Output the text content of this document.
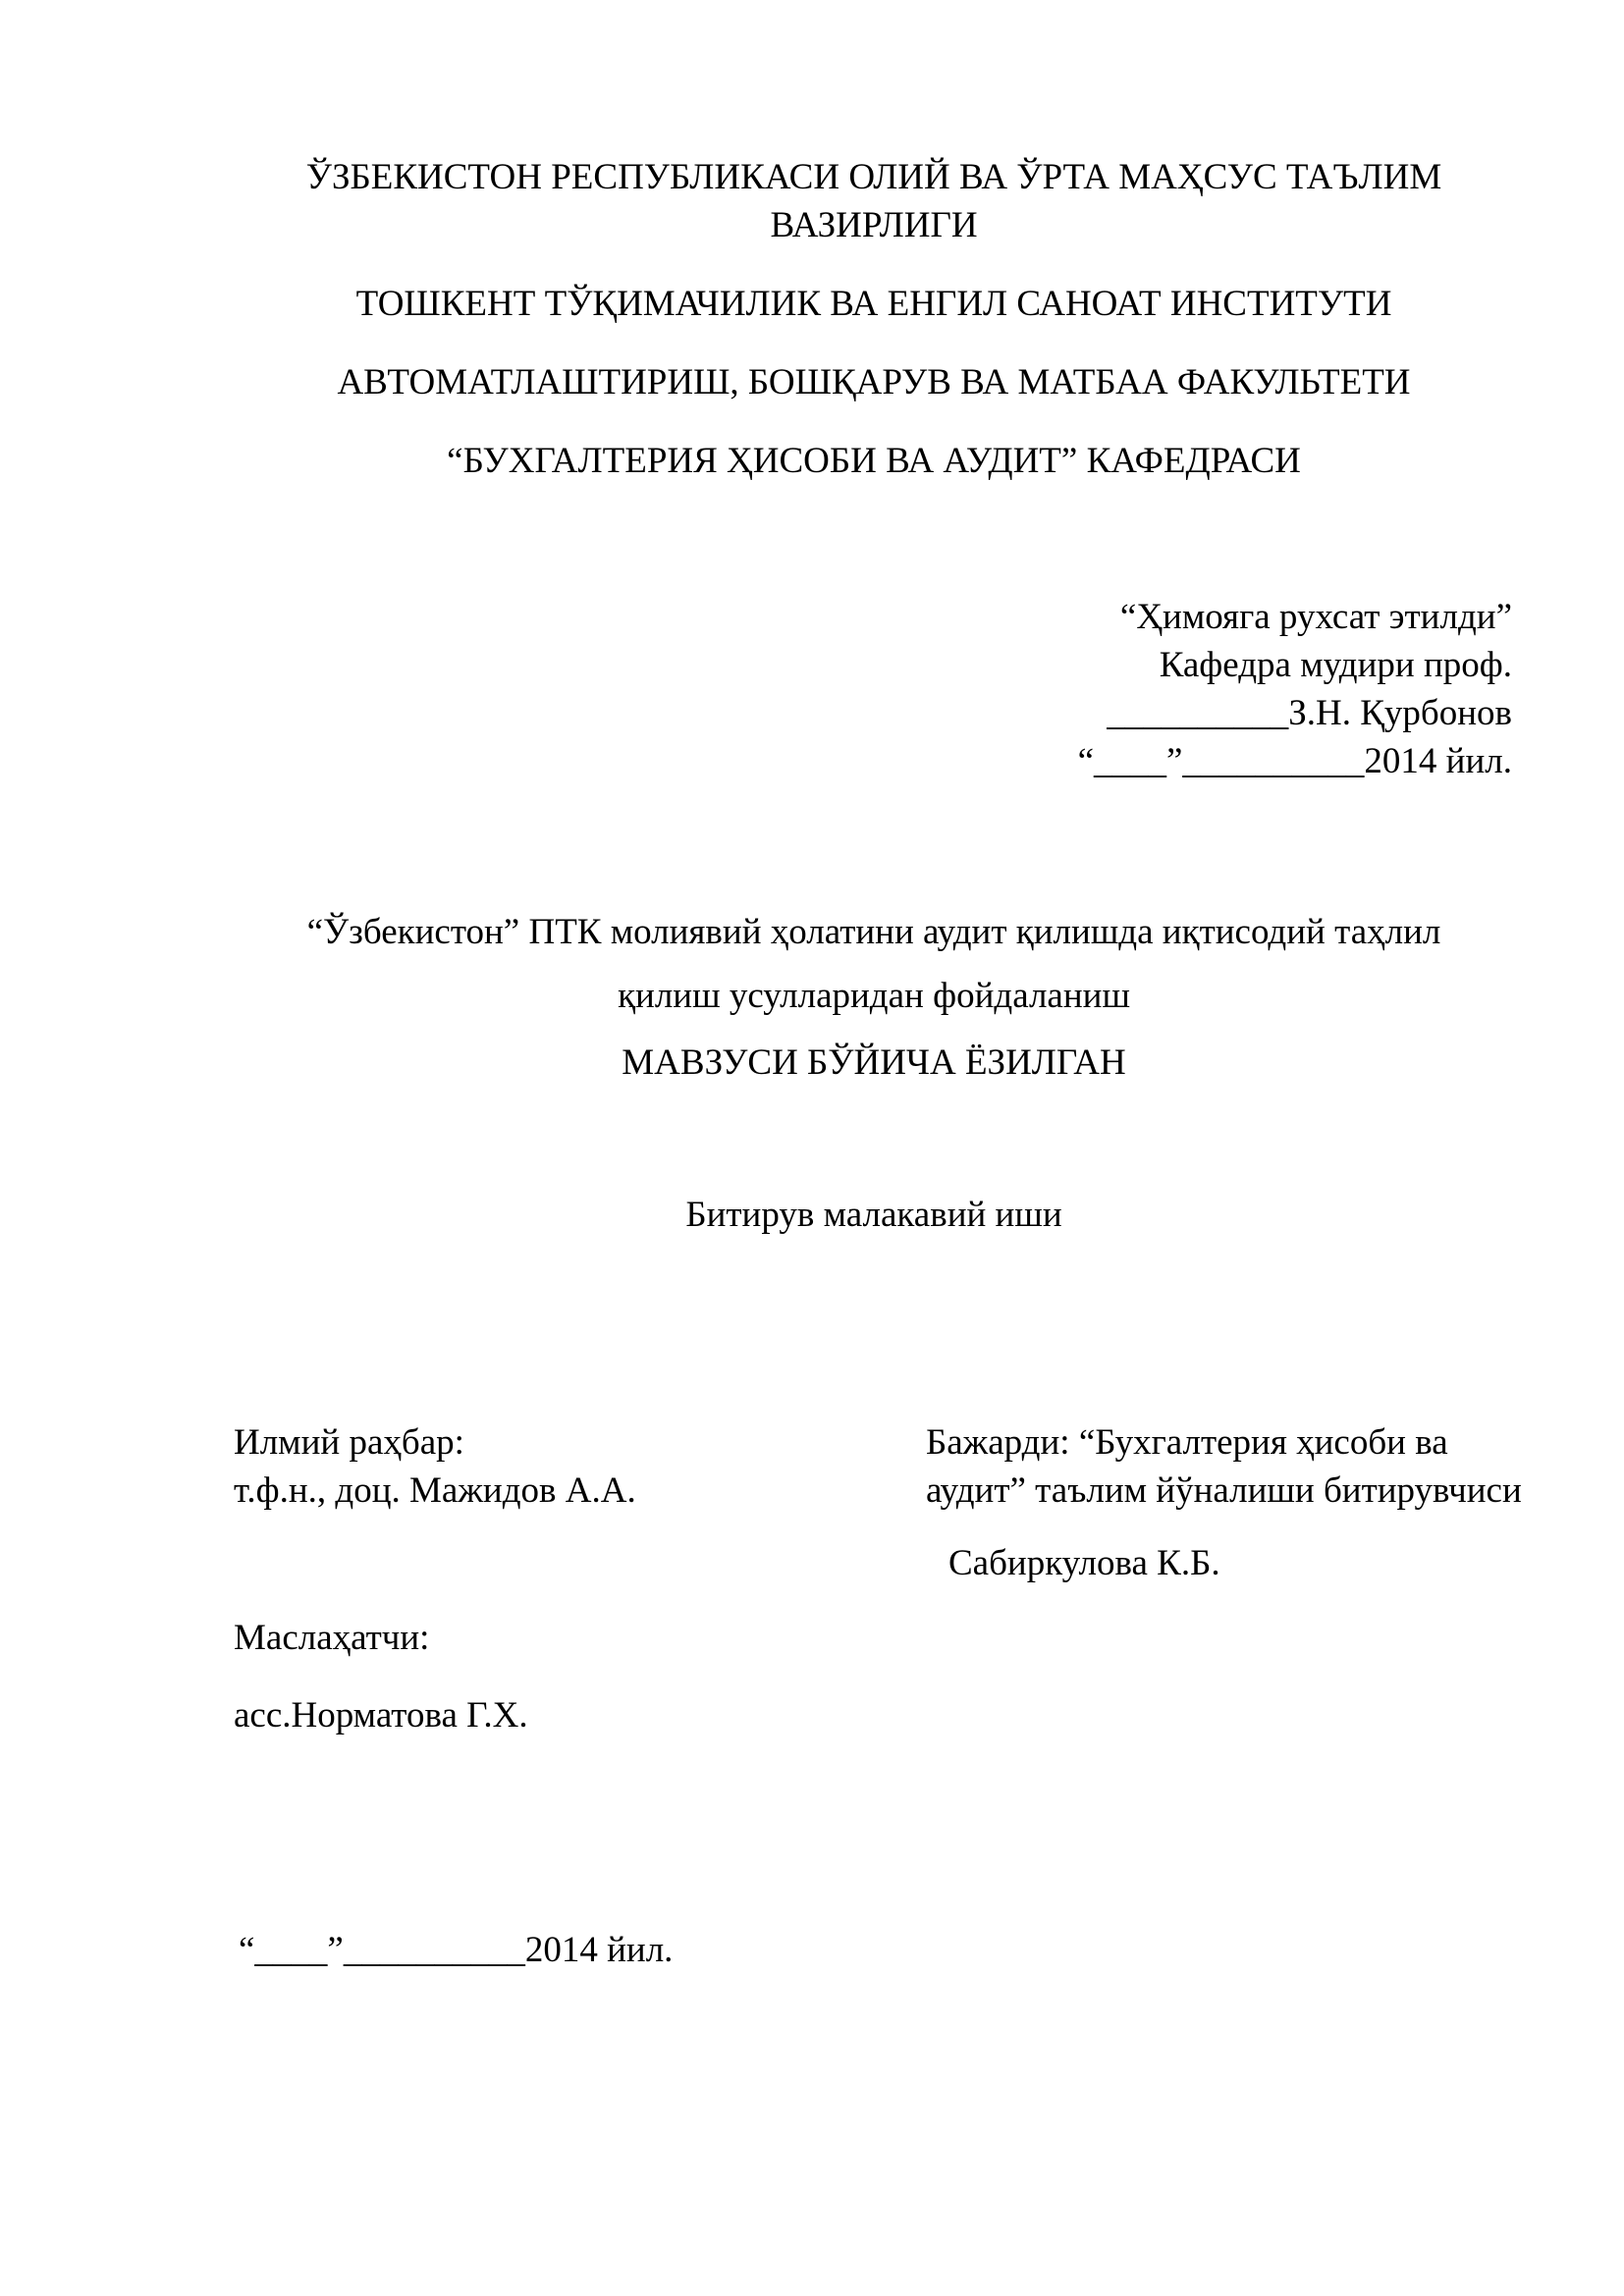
ЎЗБЕКИСТОН РЕСПУБЛИКАСИ ОЛИЙ ВА ЎРТА МАҲСУС ТАЪЛИМ

ВАЗИРЛИГИ

ТОШКЕНТ ТЎҚИМАЧИЛИК ВА ЕНГИЛ САНОАТ ИНСТИТУТИ

АВТОМАТЛАШТИРИШ, БОШҚАРУВ ВА МАТБАА ФАКУЛЬТЕТИ

“БУХГАЛТЕРИЯ ҲИСОБИ ВА АУДИТ” КАФЕДРАСИ

“Ҳимояга рухсат этилди”

Кафедра мудири проф.

__________З.Н. Қурбонов

“____”__________2014 йил.

“Ўзбекистон” ПТК молиявий ҳолатини аудит қилишда иқтисодий таҳлил

қилиш усулларидан фойдаланиш

МАВЗУСИ БЎЙИЧА ЁЗИЛГАН

Битирув малакавий иши

Илмий раҳбар:

т.ф.н., доц. Мажидов А.А.

Бажарди: “Бухгалтерия ҳисоби ва

аудит” таълим йўналиши битирувчиси

Сабиркулова К.Б.

Маслаҳатчи:

асс.Норматова Г.Х.

“____”__________2014 йил.
